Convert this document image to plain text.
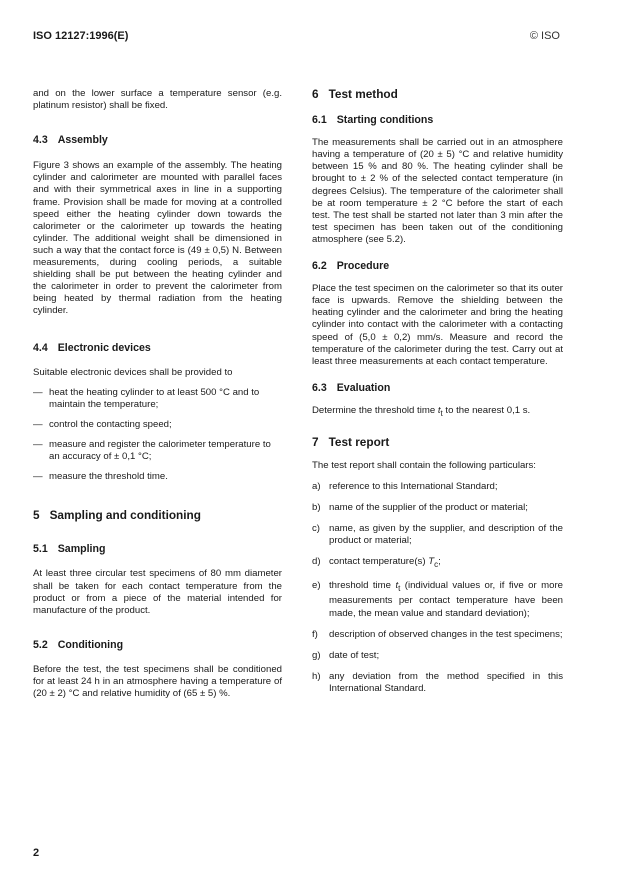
ISO 12127:1996(E)	© ISO

and on the lower surface a temperature sensor (e.g. platinum resistor) shall be fixed.

4.3 Assembly

Figure 3 shows an example of the assembly. The heating cylinder and calorimeter are mounted with parallel faces and with their symmetrical axes in line in a supporting frame. Provision shall be made for moving at a controlled speed either the heating cylinder down towards the calorimeter or the calorimeter up towards the heating cylinder. The additional weight shall be dimensioned in such a way that the contact force is (49 ± 0,5) N. Between measurements, during cooling periods, a suitable shielding shall be put between the heating cylinder and the calorimeter in order to prevent the calorimeter from being heated by thermal radiation from the heating cylinder.

4.4 Electronic devices

Suitable electronic devices shall be provided to

— heat the heating cylinder to at least 500 °C and to maintain the temperature;
— control the contacting speed;
— measure and register the calorimeter temperature to an accuracy of ± 0,1 °C;
— measure the threshold time.
5 Sampling and conditioning
5.1 Sampling

At least three circular test specimens of 80 mm diameter shall be taken for each contact temperature from the product or from a piece of the material intended for manufacture of the product.

5.2 Conditioning

Before the test, the test specimens shall be conditioned for at least 24 h in an atmosphere having a temperature of (20 ± 2) °C and relative humidity of (65 ± 5) %.

6 Test method
6.1 Starting conditions

The measurements shall be carried out in an atmosphere having a temperature of (20 ± 5) °C and relative humidity between 15 % and 80 %. The heating cylinder shall be brought to ± 2 % of the selected contact temperature (in degrees Celsius). The temperature of the calorimeter shall be at room temperature ± 2 °C before the start of each test. The test shall be started not later than 3 min after the test specimen has been taken out of the conditioning atmosphere (see 5.2).

6.2 Procedure

Place the test specimen on the calorimeter so that its outer face is upwards. Remove the shielding between the heating cylinder and the calorimeter and bring the heating cylinder into contact with the calorimeter with a contacting speed of (5,0 ± 0,2) mm/s. Measure and record the temperature of the calorimeter during the test. Carry out at least three measurements at each contact temperature.

6.3 Evaluation

Determine the threshold time $t_t$ to the nearest 0,1 s.

7 Test report

The test report shall contain the following particulars:

a) reference to this International Standard;
b) name of the supplier of the product or material;
c) name, as given by the supplier, and description of the product or material;
d) contact temperature(s) $T_c$;
e) threshold time $t_t$ (individual values or, if five or more measurements per contact temperature have been made, the mean value and standard deviation);
f)	description of observed changes in the test specimens;
g) date of test;
h) any deviation from the method specified in this International Standard.
2
